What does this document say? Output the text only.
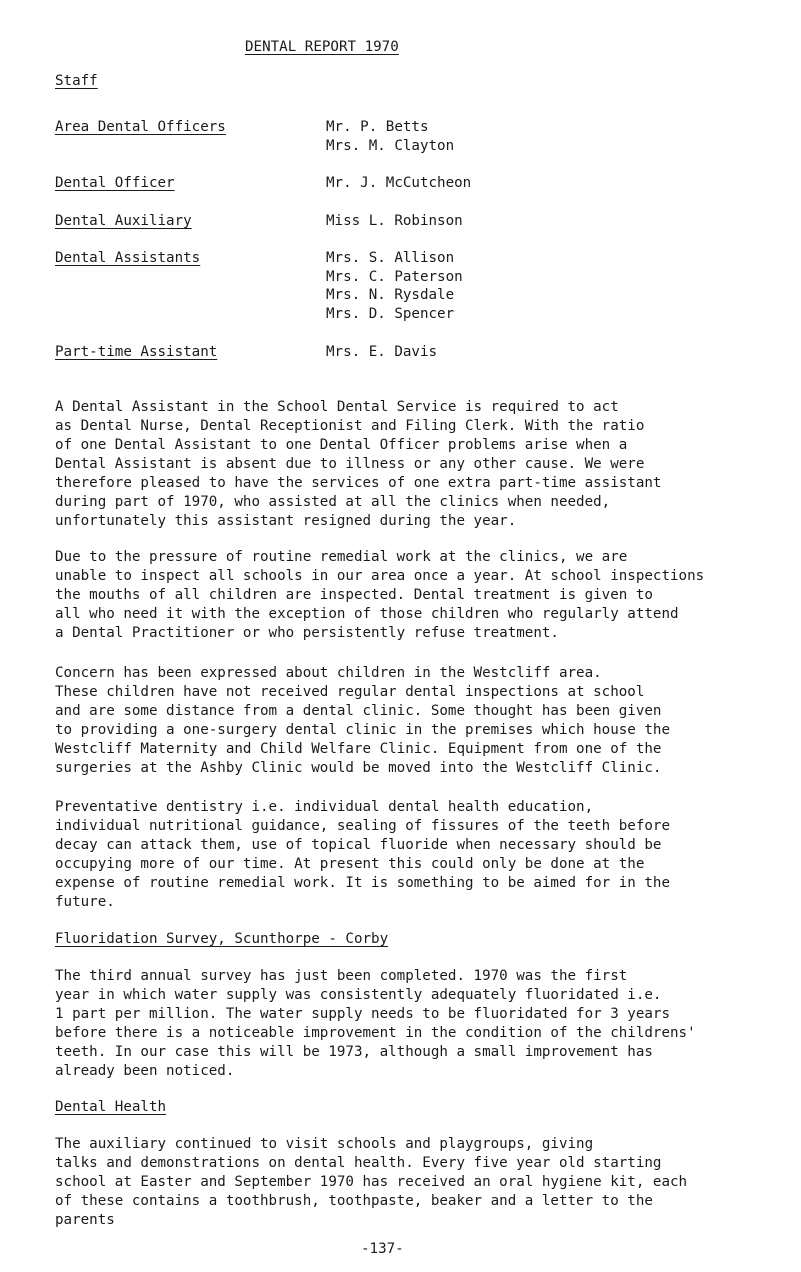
DENTAL REPORT 1970
Staff
Area Dental Officers	Mr. P. Betts
Mrs. M. Clayton
Dental Officer	Mr. J. McCutcheon
Dental Auxiliary	Miss L. Robinson
Dental Assistants	Mrs. S. Allison
Mrs. C. Paterson
Mrs. N. Rysdale
Mrs. D. Spencer
Part-time Assistant	Mrs. E. Davis
A Dental Assistant in the School Dental Service is required to act
as Dental Nurse, Dental Receptionist and Filing Clerk. With the ratio
of one Dental Assistant to one Dental Officer problems arise when a
Dental Assistant is absent due to illness or any other cause. We were
therefore pleased to have the services of one extra part-time assistant
during part of 1970, who assisted at all the clinics when needed,
unfortunately this assistant resigned during the year.
Due to the pressure of routine remedial work at the clinics, we are
unable to inspect all schools in our area once a year. At school inspections
the mouths of all children are inspected. Dental treatment is given to
all who need it with the exception of those children who regularly attend
a Dental Practitioner or who persistently refuse treatment.
Concern has been expressed about children in the Westcliff area.
These children have not received regular dental inspections at school
and are some distance from a dental clinic. Some thought has been given
to providing a one-surgery dental clinic in the premises which house the
Westcliff Maternity and Child Welfare Clinic. Equipment from one of the
surgeries at the Ashby Clinic would be moved into the Westcliff Clinic.
Preventative dentistry i.e. individual dental health education,
individual nutritional guidance, sealing of fissures of the teeth before
decay can attack them, use of topical fluoride when necessary should be
occupying more of our time. At present this could only be done at the
expense of routine remedial work. It is something to be aimed for in the
future.
Fluoridation Survey, Scunthorpe - Corby
The third annual survey has just been completed. 1970 was the first
year in which water supply was consistently adequately fluoridated i.e.
1 part per million. The water supply needs to be fluoridated for 3 years
before there is a noticeable improvement in the condition of the childrens'
teeth. In our case this will be 1973, although a small improvement has
already been noticed.
Dental Health
The auxiliary continued to visit schools and playgroups, giving
talks and demonstrations on dental health. Every five year old starting
school at Easter and September 1970 has received an oral hygiene kit, each
of these contains a toothbrush, toothpaste, beaker and a letter to the
parents
-137-
